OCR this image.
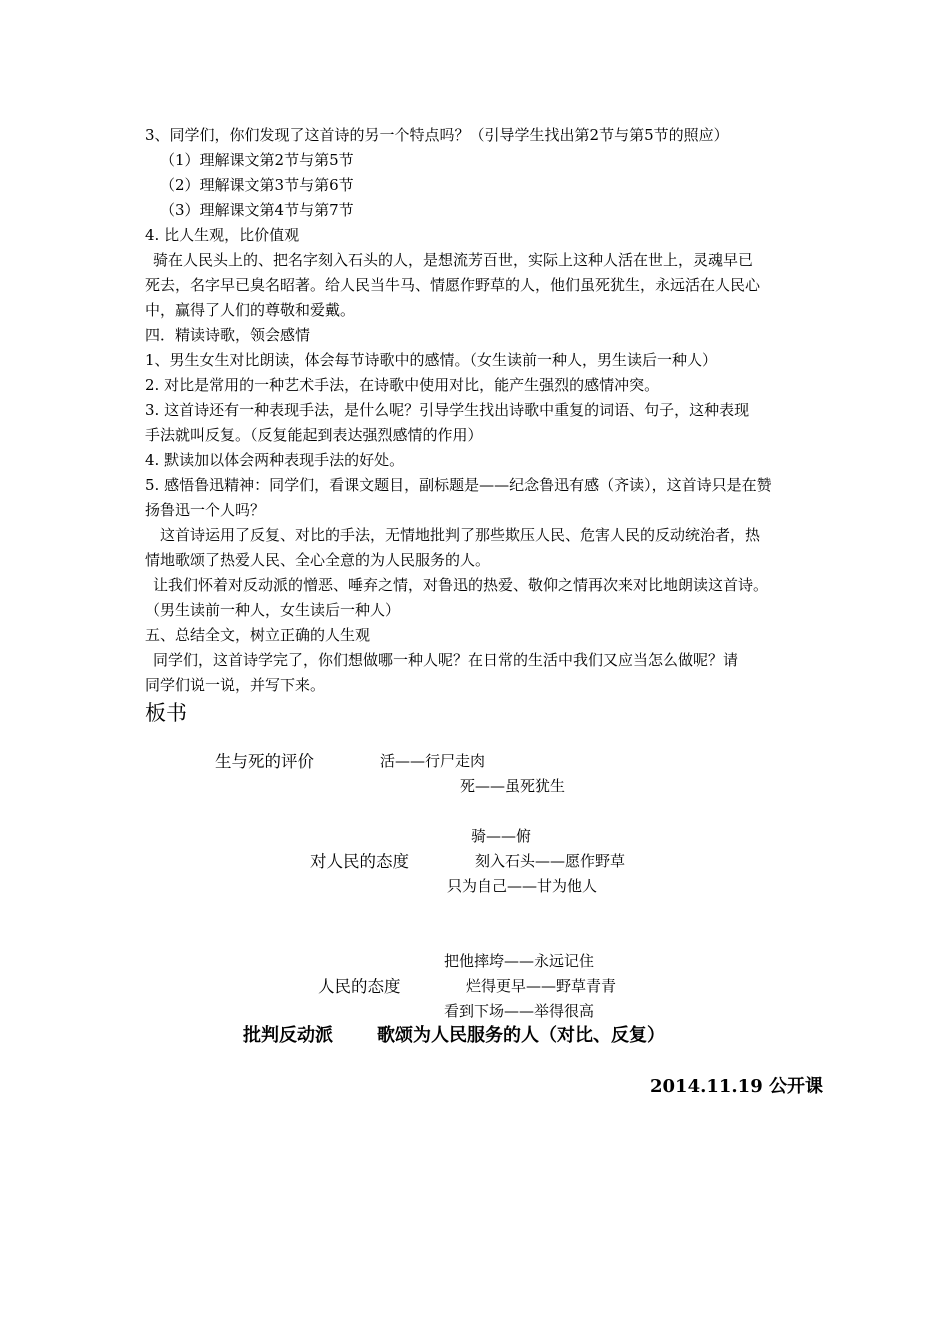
3、同学们，你们发现了这首诗的另一个特点吗？（引导学生找出第2节与第5节的照应）
（1）理解课文第2节与第5节
（2）理解课文第3节与第6节
（3）理解课文第4节与第7节
4. 比人生观，比价值观
骑在人民头上的、把名字刻入石头的人，是想流芳百世，实际上这种人活在世上，灵魂早已
死去，名字早已臭名昭著。给人民当牛马、情愿作野草的人，他们虽死犹生，永远活在人民心
中，赢得了人们的尊敬和爱戴。
四．精读诗歌，领会感情
1、男生女生对比朗读，体会每节诗歌中的感情。（女生读前一种人，男生读后一种人）
2. 对比是常用的一种艺术手法，在诗歌中使用对比，能产生强烈的感情冲突。
3. 这首诗还有一种表现手法，是什么呢？引导学生找出诗歌中重复的词语、句子，这种表现
手法就叫反复。（反复能起到表达强烈感情的作用）
4. 默读加以体会两种表现手法的好处。
5. 感悟鲁迅精神：同学们，看课文题目，副标题是——纪念鲁迅有感（齐读），这首诗只是在赞
扬鲁迅一个人吗？
这首诗运用了反复、对比的手法，无情地批判了那些欺压人民、危害人民的反动统治者，热
情地歌颂了热爱人民、全心全意的为人民服务的人。
让我们怀着对反动派的憎恶、唾弃之情，对鲁迅的热爱、敬仰之情再次来对比地朗读这首诗。
（男生读前一种人，女生读后一种人）
五、总结全文，树立正确的人生观
同学们，这首诗学完了，你们想做哪一种人呢？在日常的生活中我们又应当怎么做呢？请
同学们说一说，并写下来。
板书
生与死的评价	活——行尸走肉
死——虽死犹生
骑——俯
对人民的态度	刻入石头——愿作野草
只为自己——甘为他人
把他摔垮——永远记住
人民的态度	烂得更早——野草青青
看到下场——举得很高
批判反动派 歌颂为人民服务的人（对比、反复）
2014.11.19 公开课
